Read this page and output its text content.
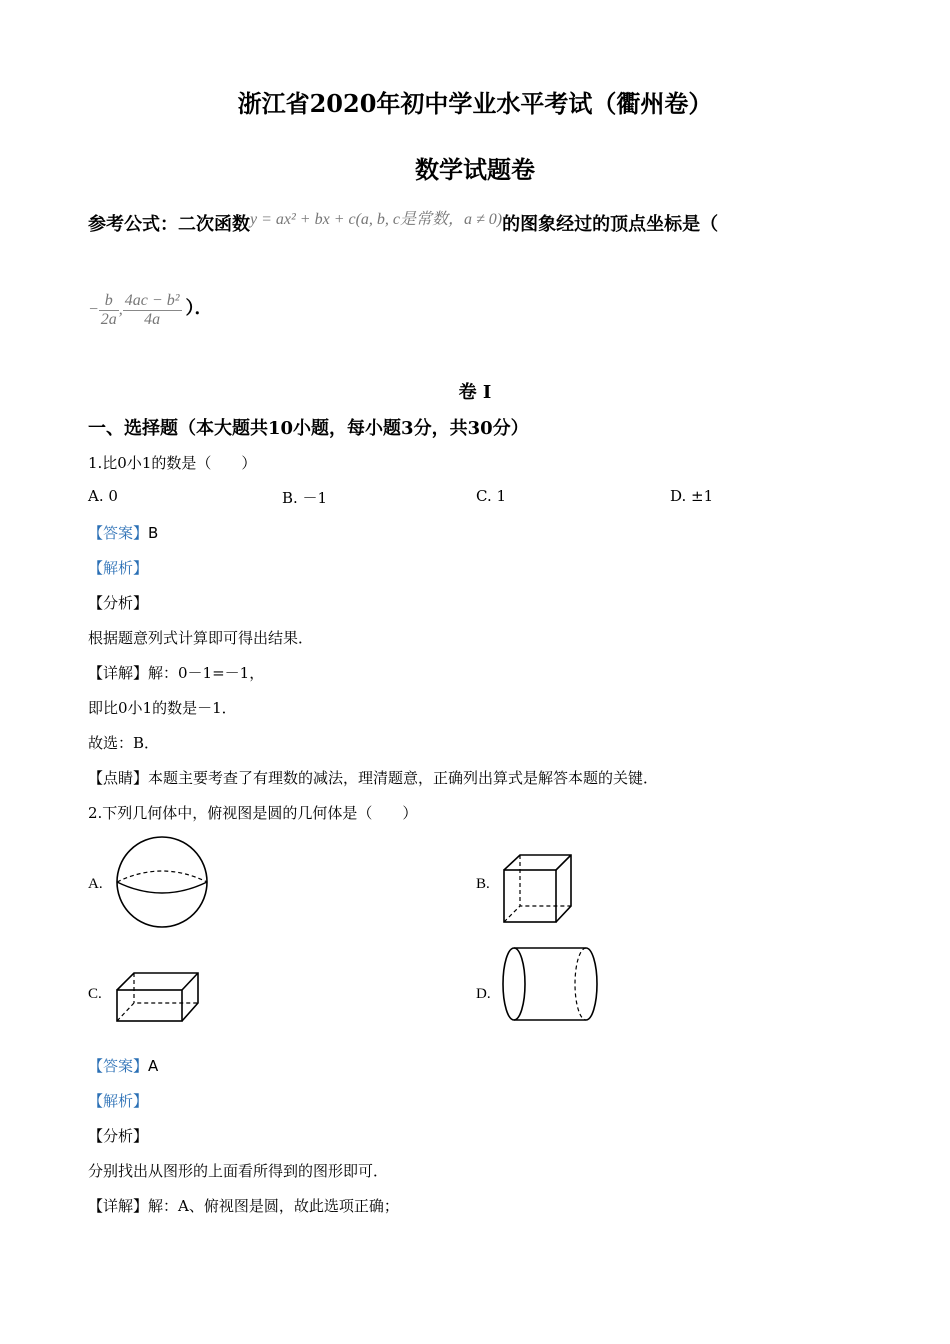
浙江省2020年初中学业水平考试（衢州卷）
数学试题卷
参考公式：二次函数y = ax² + bx + c(a, b, c是常数，a ≠ 0)的图象经过的顶点坐标是（
− $\frac{b}{2a}$ , $\frac{\text{4ac − b²}}{4a}$ ）．
卷 I
一、选择题（本大题共10小题，每小题3分，共30分）
1.比0小1的数是（　　）
A. 0	B. －1	C. 1	D. ±1
【答案】B
【解析】
【分析】
根据题意列式计算即可得出结果．
【详解】解：0－1=－1，
即比0小1的数是－1．
故选：B．
【点睛】本题主要考查了有理数的减法，理清题意，正确列出算式是解答本题的关键．
2.下列几何体中，俯视图是圆的几何体是（　　）
A.	B.
C.	D.
【答案】A
【解析】
【分析】
分别找出从图形的上面看所得到的图形即可．
【详解】解：A、俯视图是圆，故此选项正确；
